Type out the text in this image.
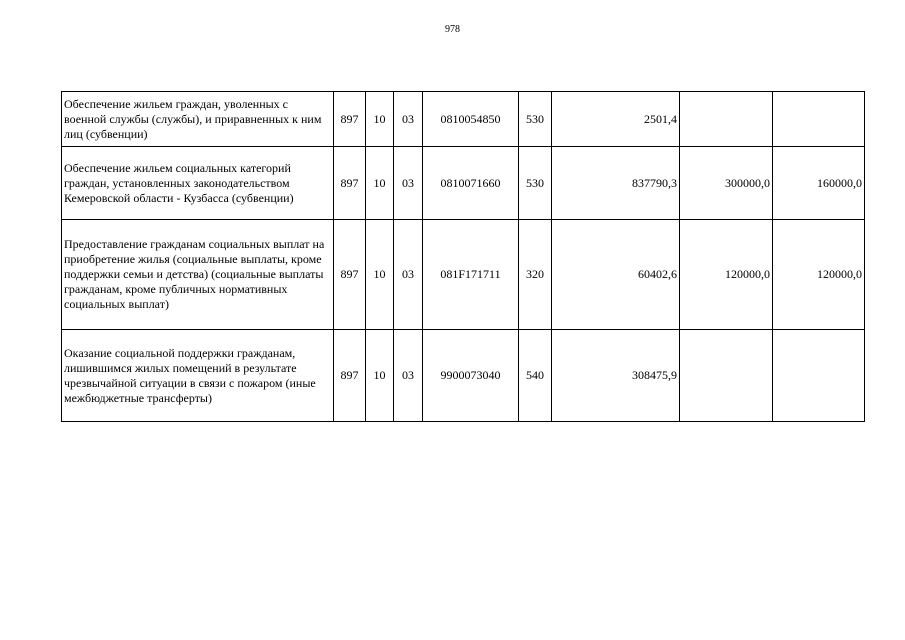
978
Обеспечение жильем граждан, уволенных с военной службы (службы), и приравненных к ним лиц (субвенции)	897	10	03	0810054850	530	2501,4		
Обеспечение жильем социальных категорий граждан, установленных законодательством Кемеровской области - Кузбасса (субвенции)	897	10	03	0810071660	530	837790,3	300000,0	160000,0
Предоставление гражданам социальных выплат на приобретение жилья (социальные выплаты, кроме поддержки семьи и детства) (социальные выплаты гражданам, кроме публичных нормативных социальных выплат)	897	10	03	081F171711	320	60402,6	120000,0	120000,0
Оказание социальной поддержки гражданам, лишившимся жилых помещений в результате чрезвычайной ситуации в связи с пожаром (иные межбюджетные трансферты)	897	10	03	9900073040	540	308475,9		
